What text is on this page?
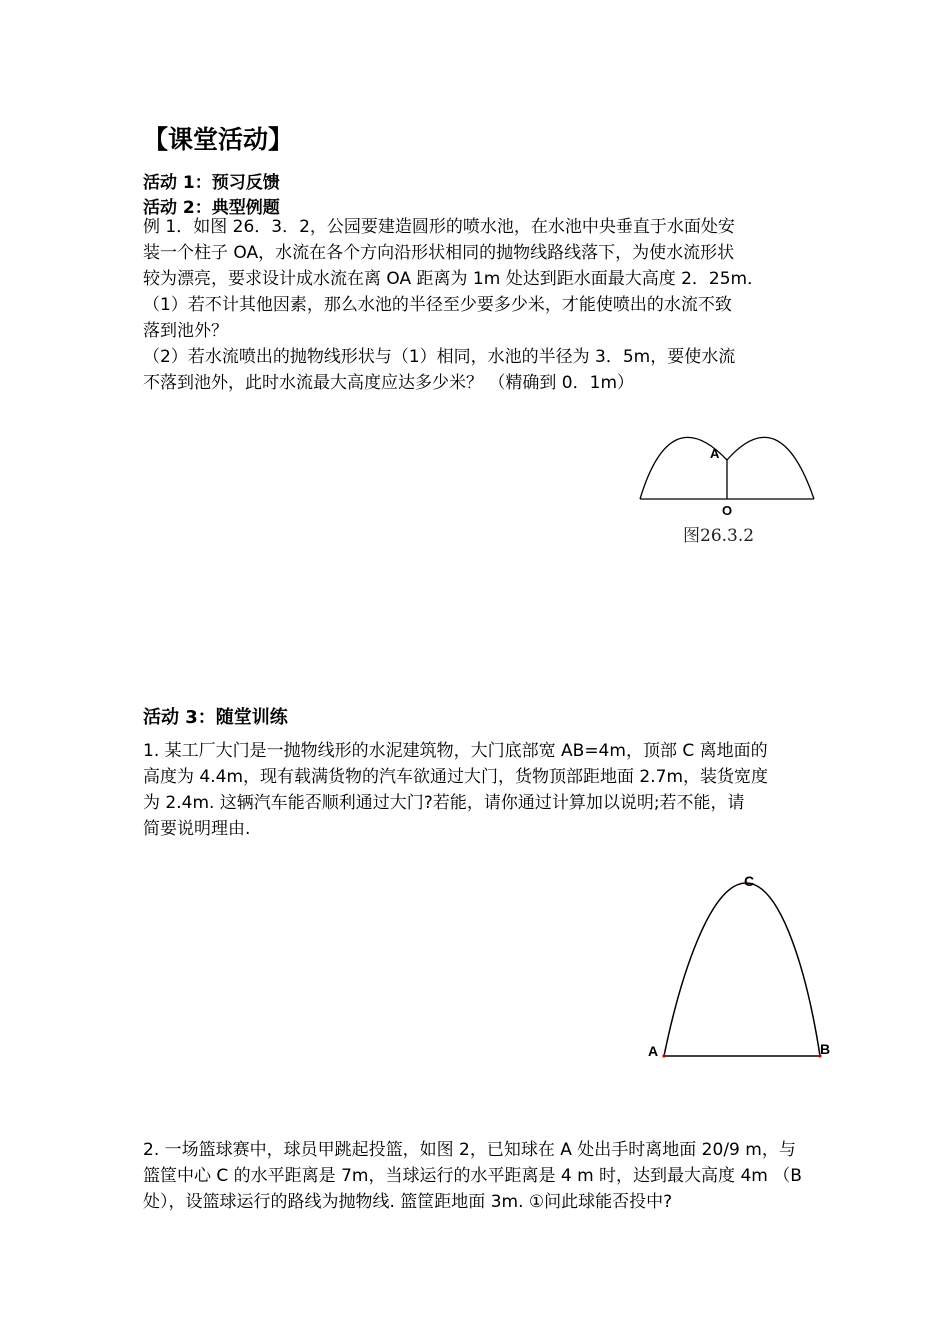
【课堂活动】
活动 1：预习反馈
活动 2：典型例题
例 1．如图 26．3．2，公园要建造圆形的喷水池，在水池中央垂直于水面处安
装一个柱子 OA，水流在各个方向沿形状相同的抛物线路线落下，为使水流形状
较为漂亮，要求设计成水流在离 OA 距离为 1m 处达到距水面最大高度 2．25m．
（1）若不计其他因素，那么水池的半径至少要多少米，才能使喷出的水流不致
落到池外？
（2）若水流喷出的抛物线形状与（1）相同，水池的半径为 3．5m，要使水流
不落到池外，此时水流最大高度应达多少米？ （精确到 0．1m）
A
O
图26.3.2
活动 3：随堂训练
1. 某工厂大门是一抛物线形的水泥建筑物，大门底部宽 AB=4m，顶部 C 离地面的
高度为 4.4m，现有载满货物的汽车欲通过大门，货物顶部距地面 2.7m，装货宽度
为 2.4m. 这辆汽车能否顺利通过大门?若能，请你通过计算加以说明;若不能，请
简要说明理由.
A	B
C
2. 一场篮球赛中，球员甲跳起投篮，如图 2，已知球在 A 处出手时离地面 20/9 m，与
篮筐中心 C 的水平距离是 7m，当球运行的水平距离是 4 m 时，达到最大高度 4m （B
处），设篮球运行的路线为抛物线. 篮筐距地面 3m. ①问此球能否投中?
